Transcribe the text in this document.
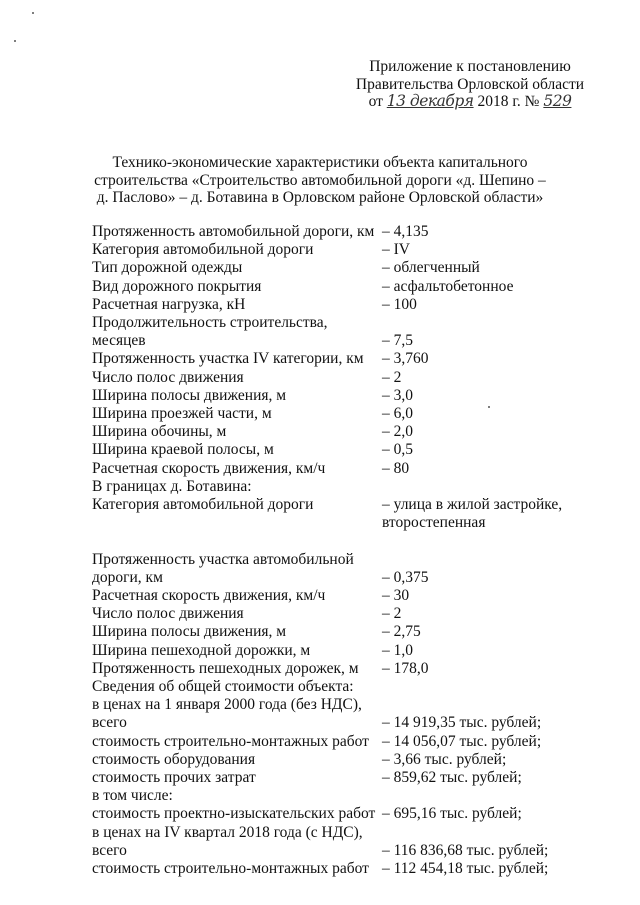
Приложение к постановлению
Правительства Орловской области
от 13 декабря 2018 г. № 529
Технико-экономические характеристики объекта капитального
строительства «Строительство автомобильной дороги «д. Шепино –
д. Паслово» – д. Ботавина в Орловском районе Орловской области»
Протяженность автомобильной дороги, км – 4,135
Категория автомобильной дороги	– IV
Тип дорожной одежды	– облегченный
Вид дорожного покрытия	– асфальтобетонное
Расчетная нагрузка, кН	– 100
Продолжительность строительства,
месяцев	– 7,5
Протяженность участка IV категории, км	– 3,760
Число полос движения	– 2
Ширина полосы движения, м	– 3,0
Ширина проезжей части, м	– 6,0
Ширина обочины, м	– 2,0
Ширина краевой полосы, м	– 0,5
Расчетная скорость движения, км/ч	– 80
В границах д. Ботавина:
Категория автомобильной дороги	– улица в жилой застройке, второстепенная
Протяженность участка автомобильной
дороги, км	– 0,375
Расчетная скорость движения, км/ч	– 30
Число полос движения	– 2
Ширина полосы движения, м	– 2,75
Ширина пешеходной дорожки, м	– 1,0
Протяженность пешеходных дорожек, м	– 178,0
Сведения об общей стоимости объекта:
в ценах на 1 января 2000 года (без НДС),
всего	– 14 919,35 тыс. рублей;
стоимость строительно-монтажных работ – 14 056,07 тыс. рублей;
стоимость оборудования	– 3,66 тыс. рублей;
стоимость прочих затрат	– 859,62 тыс. рублей;
в том числе:
стоимость проектно-изыскательских работ – 695,16 тыс. рублей;
в ценах на IV квартал 2018 года (с НДС),
всего	– 116 836,68 тыс. рублей;
стоимость строительно-монтажных работ – 112 454,18 тыс. рублей;
